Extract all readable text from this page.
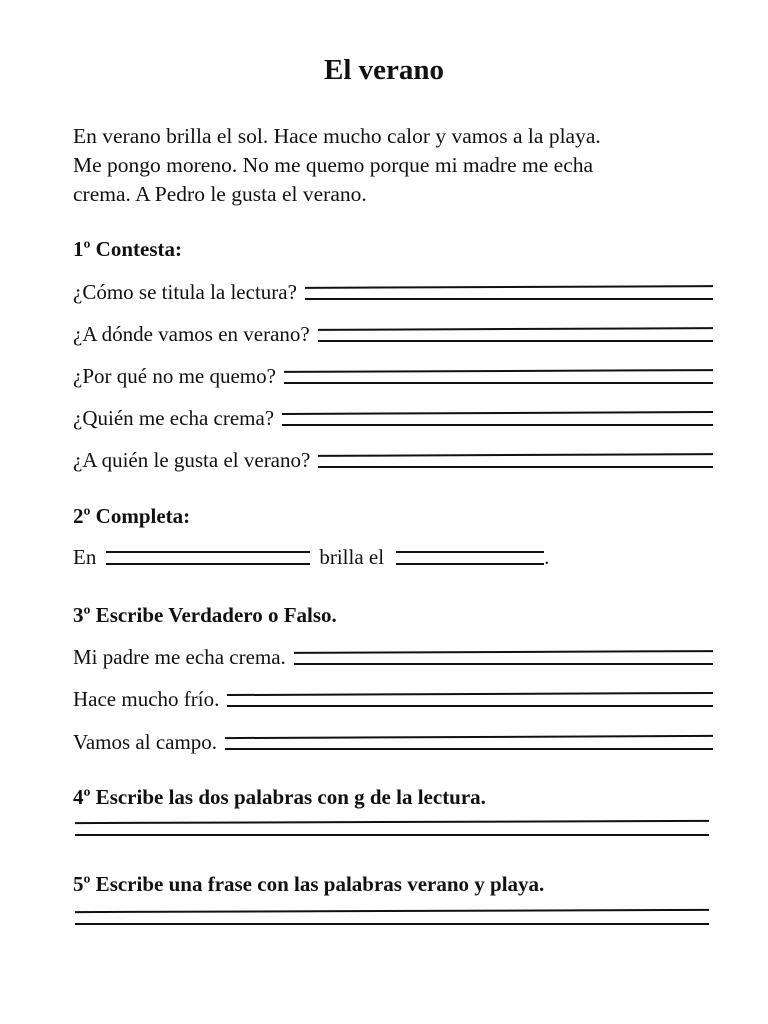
El verano
En verano brilla el sol. Hace mucho calor y vamos a la playa.
Me pongo moreno. No me quemo porque mi madre me echa
crema. A Pedro le gusta el verano.
1º Contesta:
¿Cómo se titula la lectura?
¿A dónde vamos en verano?
¿Por qué no me quemo?
¿Quién me echa crema?
¿A quién le gusta el verano?
2º Completa:
En	brilla el	.
3º Escribe Verdadero o Falso.
Mi padre me echa crema.
Hace mucho frío.
Vamos al campo.
4º Escribe las dos palabras con g de la lectura.
5º Escribe una frase con las palabras verano y playa.
